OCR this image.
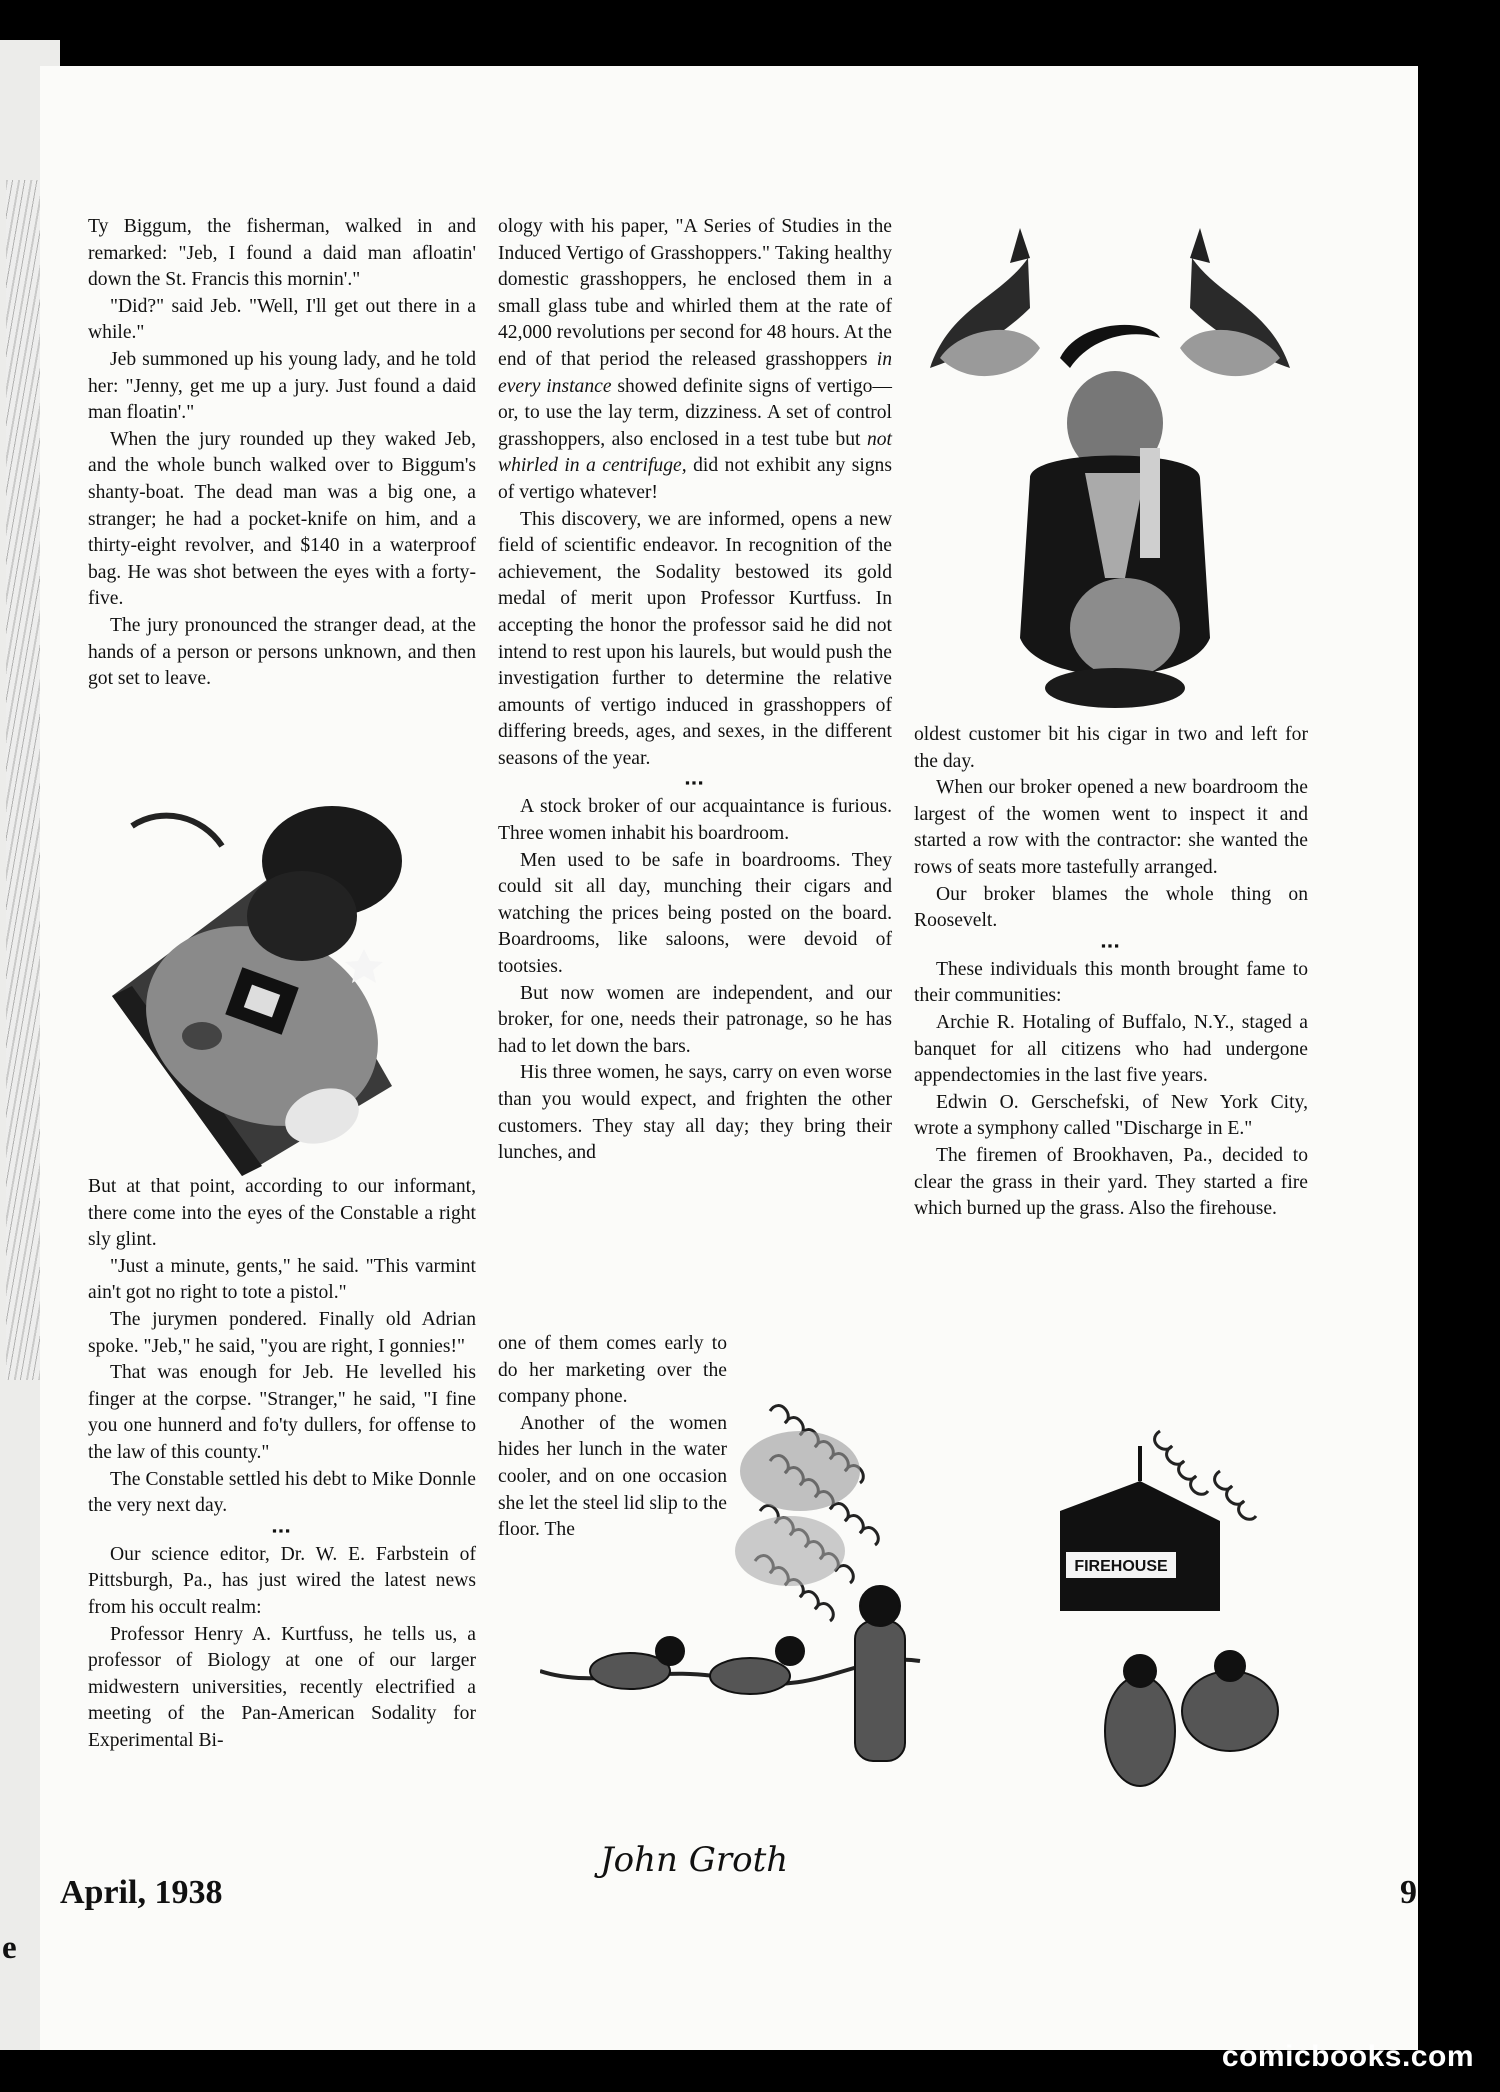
e

Ty Biggum, the fisherman, walked in and remarked: "Jeb, I found a daid man afloatin' down the St. Francis this mornin'."

"Did?" said Jeb. "Well, I'll get out there in a while."

Jeb summoned up his young lady, and he told her: "Jenny, get me up a jury. Just found a daid man floatin'."

When the jury rounded up they waked Jeb, and the whole bunch walked over to Biggum's shanty-boat. The dead man was a big one, a stranger; he had a pocket-knife on him, and a thirty-eight revolver, and $140 in a waterproof bag. He was shot between the eyes with a forty-five.

The jury pronounced the stranger dead, at the hands of a person or persons unknown, and then got set to leave.

But at that point, according to our informant, there come into the eyes of the Constable a right sly glint.

"Just a minute, gents," he said. "This varmint ain't got no right to tote a pistol."

The jurymen pondered. Finally old Adrian spoke. "Jeb," he said, "you are right, I gonnies!"

That was enough for Jeb. He levelled his finger at the corpse. "Stranger," he said, "I fine you one hunnerd and fo'ty dullers, for offense to the law of this county."

The Constable settled his debt to Mike Donnle the very next day.

▪▪▪

Our science editor, Dr. W. E. Farbstein of Pittsburgh, Pa., has just wired the latest news from his occult realm:

Professor Henry A. Kurtfuss, he tells us, a professor of Biology at one of our larger midwestern universities, recently electrified a meeting of the Pan-American Sodality for Experimental Bi-

ology with his paper, "A Series of Studies in the Induced Vertigo of Grasshoppers." Taking healthy domestic grasshoppers, he enclosed them in a small glass tube and whirled them at the rate of 42,000 revolutions per second for 48 hours. At the end of that period the released grasshoppers in every instance showed definite signs of vertigo—or, to use the lay term, dizziness. A set of control grasshoppers, also enclosed in a test tube but not whirled in a centrifuge, did not exhibit any signs of vertigo whatever!

This discovery, we are informed, opens a new field of scientific endeavor. In recognition of the achievement, the Sodality bestowed its gold medal of merit upon Professor Kurtfuss. In accepting the honor the professor said he did not intend to rest upon his laurels, but would push the investigation further to determine the relative amounts of vertigo induced in grasshoppers of differing breeds, ages, and sexes, in the different seasons of the year.

▪▪▪

A stock broker of our acquaintance is furious. Three women inhabit his boardroom.

Men used to be safe in boardrooms. They could sit all day, munching their cigars and watching the prices being posted on the board. Boardrooms, like saloons, were devoid of tootsies.

But now women are independent, and our broker, for one, needs their patronage, so he has had to let down the bars.

His three women, he says, carry on even worse than you would expect, and frighten the other customers. They stay all day; they bring their lunches, and

one of them comes early to do her marketing over the company phone.

Another of the women hides her lunch in the water cooler, and on one occasion she let the steel lid slip to the floor. The

oldest customer bit his cigar in two and left for the day.

When our broker opened a new boardroom the largest of the women went to inspect it and started a row with the contractor: she wanted the rows of seats more tastefully arranged.

Our broker blames the whole thing on Roosevelt.

▪▪▪

These individuals this month brought fame to their communities:

Archie R. Hotaling of Buffalo, N.Y., staged a banquet for all citizens who had undergone appendectomies in the last five years.

Edwin O. Gerschefski, of New York City, wrote a symphony called "Discharge in E."

The firemen of Brookhaven, Pa., decided to clear the grass in their yard. They started a fire which burned up the grass. Also the firehouse.

FIREHOUSE
John Groth
April, 1938	9
comicbooks.com
